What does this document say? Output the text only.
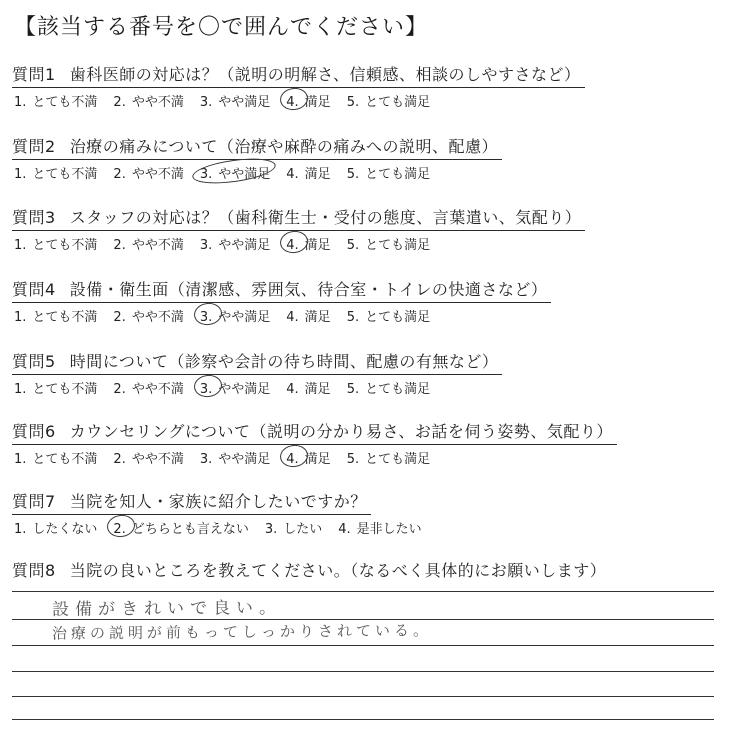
【該当する番号を〇で囲んでください】
質問1 歯科医師の対応は？（説明の明解さ、信頼感、相談のしやすさなど）
1. とても不満 2. やや不満 3. やや満足 4. 満足 5. とても満足
質問2 治療の痛みについて（治療や麻酔の痛みへの説明、配慮）
1. とても不満 2. やや不満 3. やや満足 4. 満足 5. とても満足
質問3 スタッフの対応は？（歯科衛生士・受付の態度、言葉遣い、気配り）
1. とても不満 2. やや不満 3. やや満足 4. 満足 5. とても満足
質問4 設備・衛生面（清潔感、雰囲気、待合室・トイレの快適さなど）
1. とても不満 2. やや不満 3. やや満足 4. 満足 5. とても満足
質問5 時間について（診察や会計の待ち時間、配慮の有無など）
1. とても不満 2. やや不満 3. やや満足 4. 満足 5. とても満足
質問6 カウンセリングについて（説明の分かり易さ、お話を伺う姿勢、気配り）
1. とても不満 2. やや不満 3. やや満足 4. 満足 5. とても満足
質問7 当院を知人・家族に紹介したいですか？
1. したくない 2. どちらとも言えない 3. したい 4. 是非したい
質問8 当院の良いところを教えてください。（なるべく具体的にお願いします）
設備がきれいで良い。
治療の説明が前もってしっかりされている。
